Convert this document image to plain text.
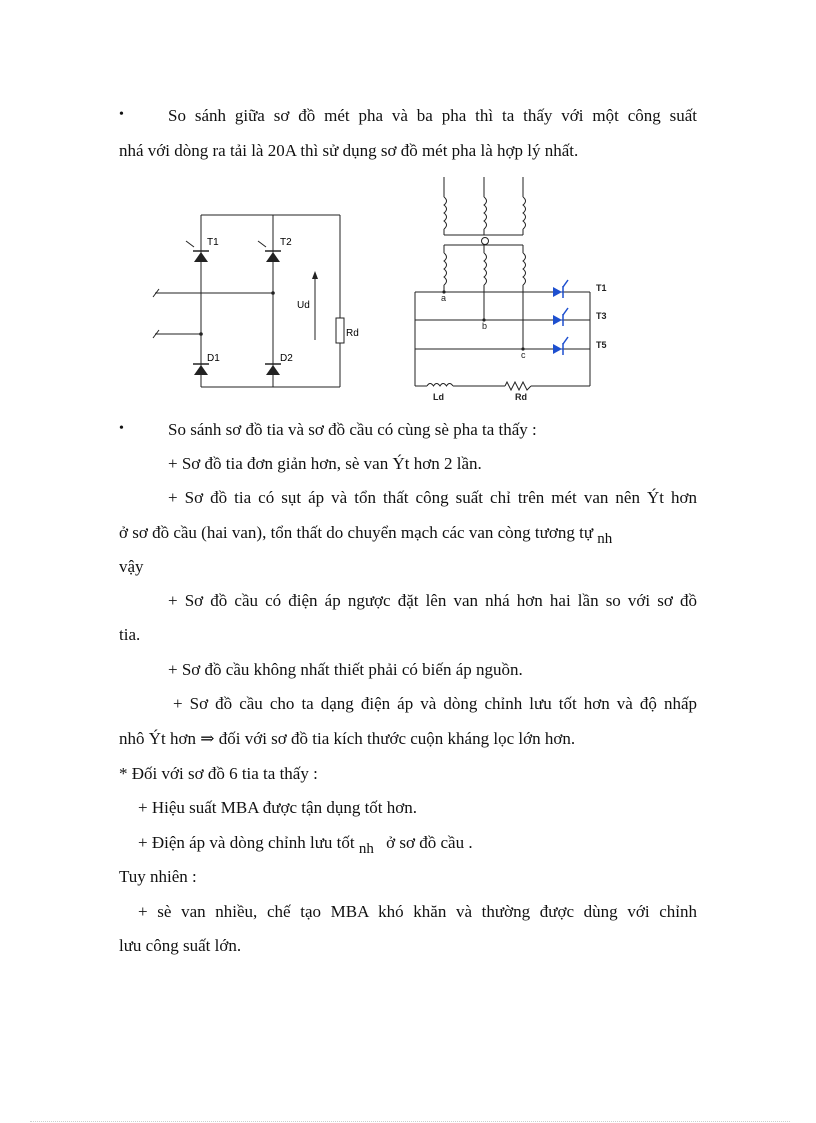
•	So sánh giữa sơ đồ mét pha và ba pha thì ta thấy với một công suất
nhá với dòng ra tải là 20A thì sử dụng sơ đồ mét pha là hợp lý nhất.
T1	T2
D1	D2
Ud
Rd
a
b
c
T1
T3
T5
Ld	Rd
•	So sánh sơ đồ tia và sơ đồ cầu có cùng sè pha ta thấy :
+ Sơ đồ tia đơn giản hơn, sè van Ýt hơn 2 lần.
+ Sơ đồ tia có sụt áp và tổn thất công suất chỉ trên mét van nên Ýt hơn
ở sơ đồ cầu (hai van), tổn thất do chuyển mạch các van còng tương tự nh
vậy
+ Sơ đồ cầu có điện áp ngược đặt lên van nhá hơn hai lần so với sơ đồ
tia.
+ Sơ đồ cầu không nhất thiết phải có biến áp nguồn.
+ Sơ đồ cầu cho ta dạng điện áp và dòng chỉnh lưu tốt hơn và độ nhấp
nhô Ýt hơn ⇒ đối với sơ đồ tia kích thước cuộn kháng lọc lớn hơn.
* Đối với sơ đồ 6 tia ta thấy :
+ Hiệu suất MBA được tận dụng tốt hơn.
+ Điện áp và dòng chỉnh lưu tốt nh ở sơ đồ cầu .
Tuy nhiên :
+ sè van nhiều, chế tạo MBA khó khăn và thường được dùng với chỉnh
lưu công suất lớn.
